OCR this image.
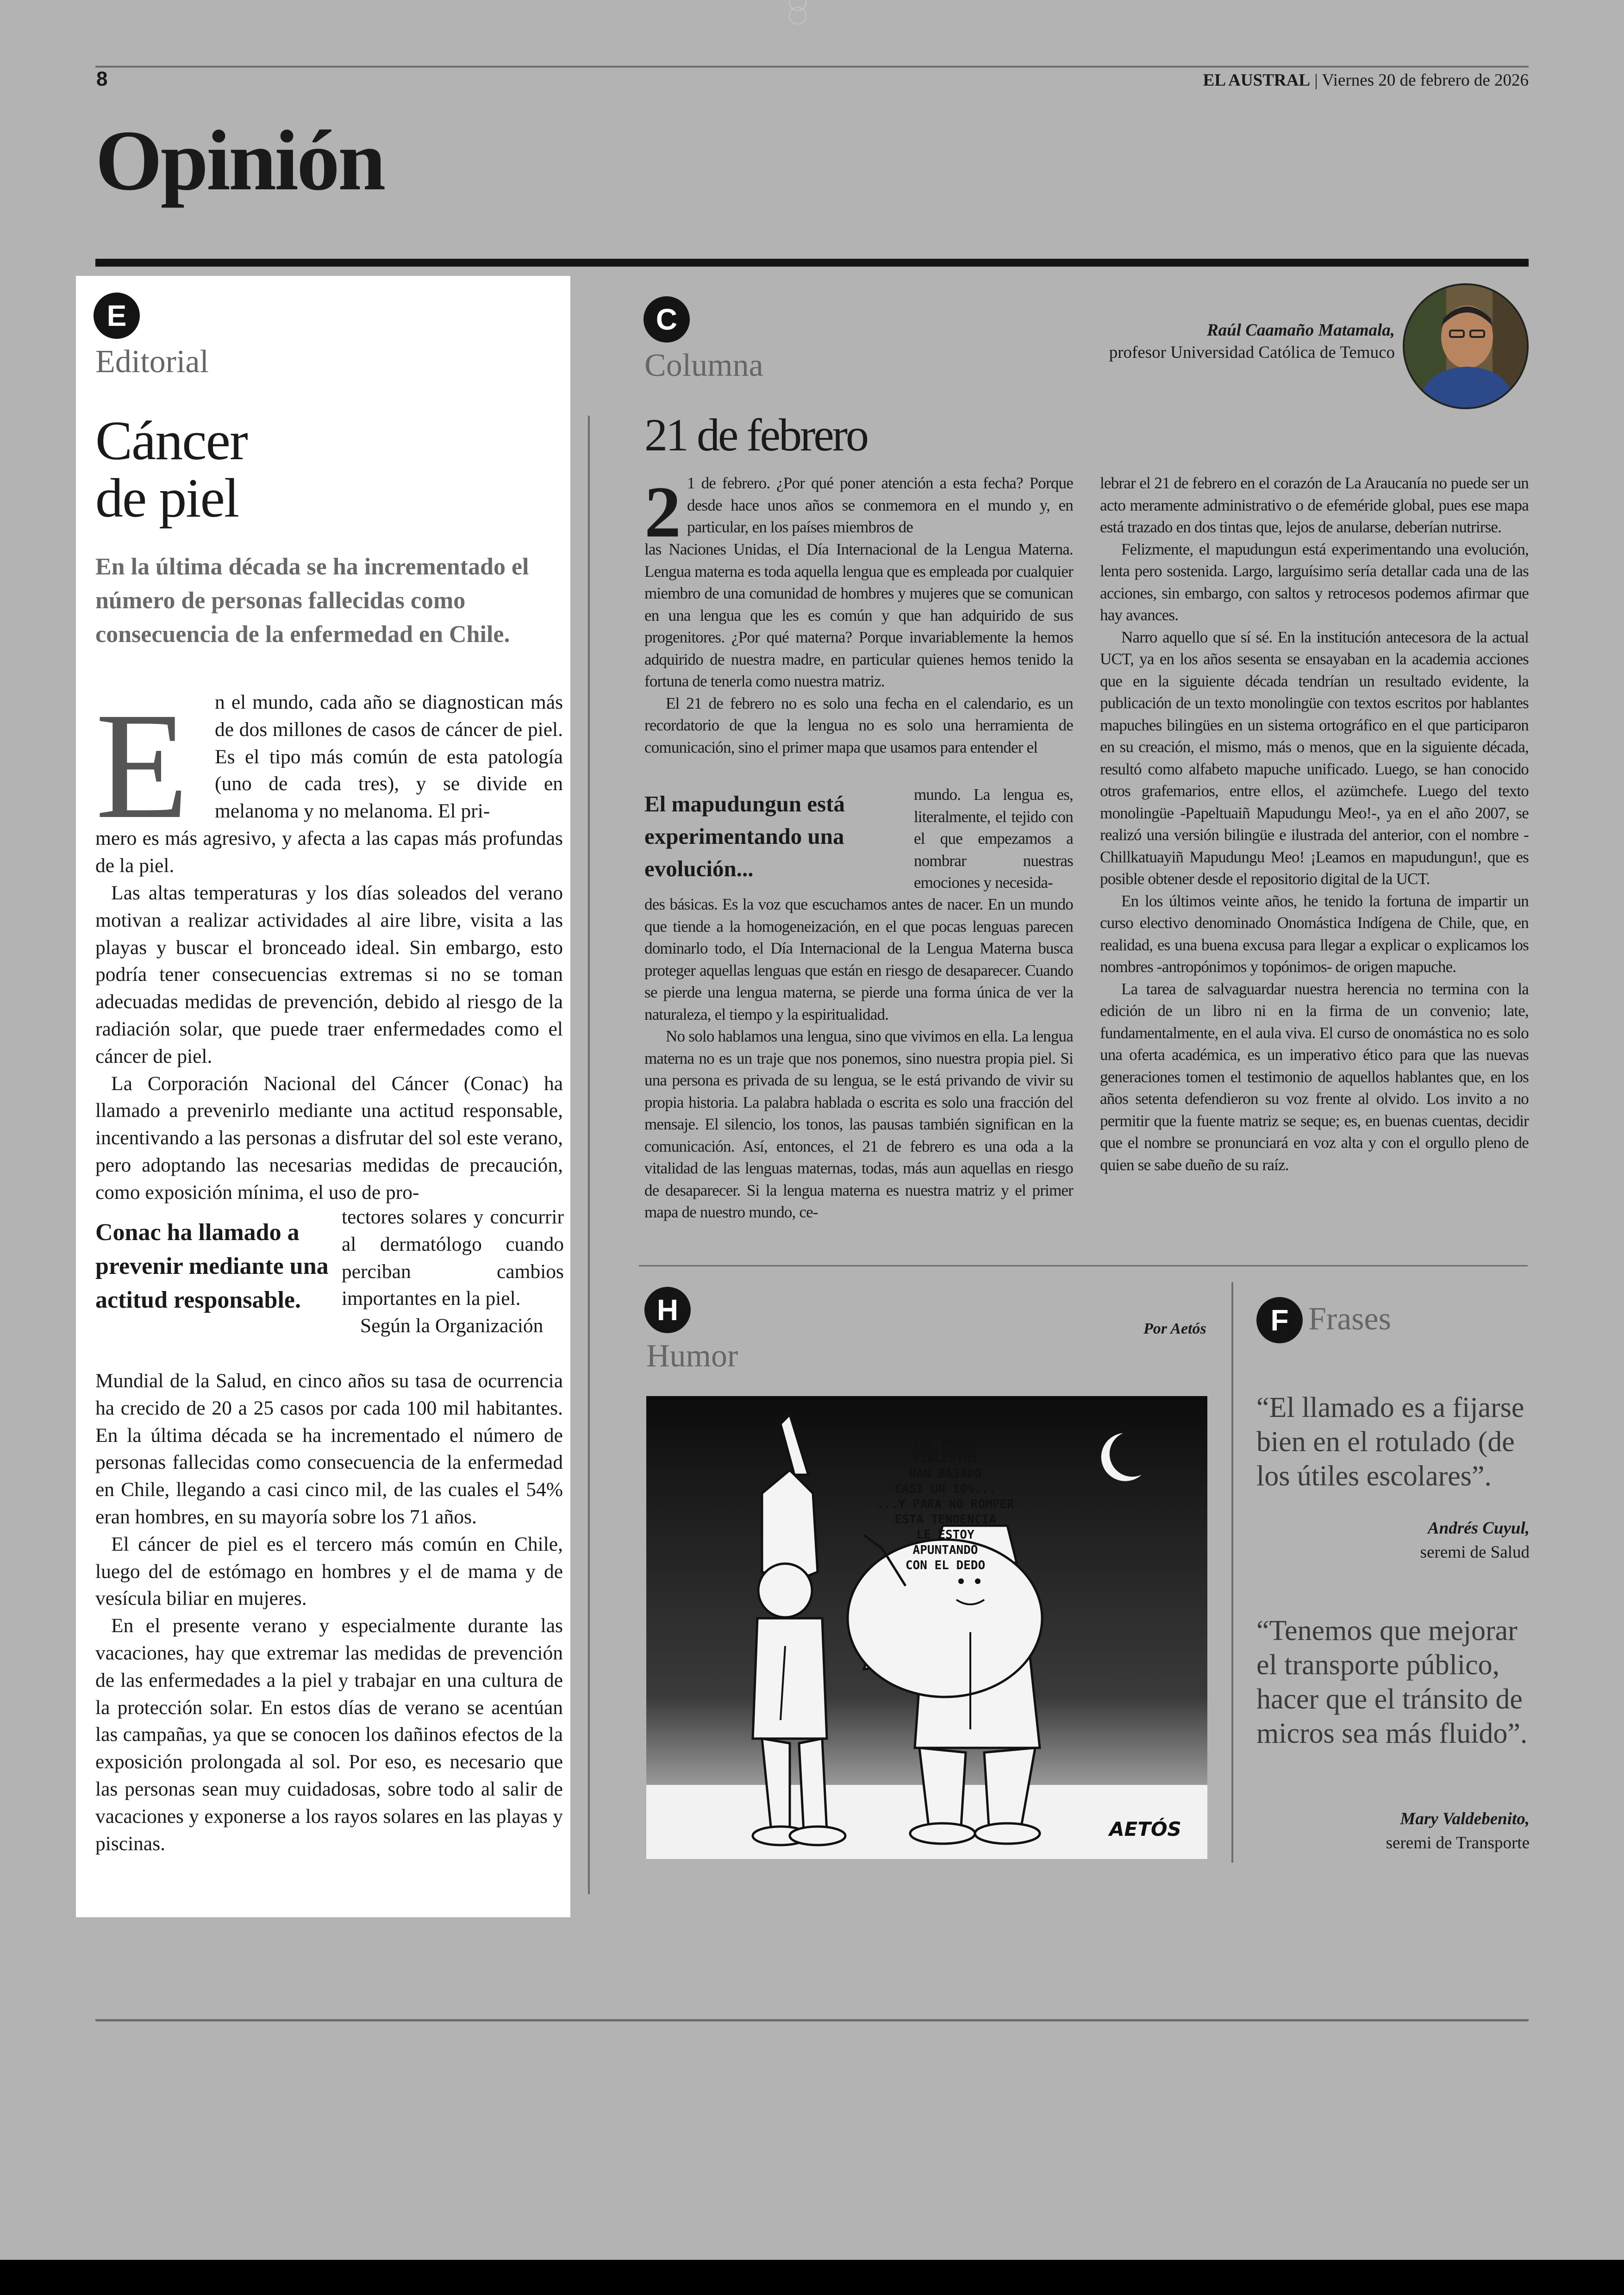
8	EL AUSTRAL | Viernes 20 de febrero de 2026
Opinión
E
Editorial
Cáncer
de piel
En la última década se ha incrementado el número de personas fallecidas como consecuencia de la enfermedad en Chile.
E n el mundo, cada año se diagnostican más de dos millones de casos de cáncer de piel. Es el tipo más común de esta patología (uno de cada tres), y se divide en melanoma y no melanoma. El pri-

mero es más agresivo, y afecta a las capas más profundas de la piel.

Las altas temperaturas y los días soleados del verano motivan a realizar actividades al aire libre, visita a las playas y buscar el bronceado ideal. Sin embargo, esto podría tener consecuencias extremas si no se toman adecuadas medidas de prevención, debido al riesgo de la radiación solar, que puede traer enfermedades como el cáncer de piel.

La Corporación Nacional del Cáncer (Conac) ha llamado a prevenirlo mediante una actitud responsable, incentivando a las personas a disfrutar del sol este verano, pero adoptando las necesarias medidas de precaución, como exposición mínima, el uso de pro-

Conac ha llamado a prevenir mediante una actitud responsable.

tectores solares y concurrir al dermatólogo cuando perciban cambios importantes en la piel.

Según la Organización

Mundial de la Salud, en cinco años su tasa de ocurrencia ha crecido de 20 a 25 casos por cada 100 mil habitantes. En la última década se ha incrementado el número de personas fallecidas como consecuencia de la enfermedad en Chile, llegando a casi cinco mil, de las cuales el 54% eran hombres, en su mayoría sobre los 71 años.

El cáncer de piel es el tercero más común en Chile, luego del de estómago en hombres y el de mama y de vesícula biliar en mujeres.

En el presente verano y especialmente durante las vacaciones, hay que extremar las medidas de prevención de las enfermedades a la piel y trabajar en una cultura de la protección solar. En estos días de verano se acentúan las campañas, ya que se conocen los dañinos efectos de la exposición prolongada al sol. Por eso, es necesario que las personas sean muy cuidadosas, sobre todo al salir de vacaciones y exponerse a los rayos solares en las playas y piscinas.

C
Columna
Raúl Caamaño Matamala,
profesor Universidad Católica de Temuco
21 de febrero
2 1 de febrero. ¿Por qué poner atención a esta fecha? Porque desde hace unos años se conmemora en el mundo y, en particular, en los países miembros de

las Naciones Unidas, el Día Internacional de la Lengua Materna. Lengua materna es toda aquella lengua que es empleada por cualquier miembro de una comunidad de hombres y mujeres que se comunican en una lengua que les es común y que han adquirido de sus progenitores. ¿Por qué materna? Porque invariablemente la hemos adquirido de nuestra madre, en particular quienes hemos tenido la fortuna de tenerla como nuestra matriz.

El 21 de febrero no es solo una fecha en el calendario, es un recordatorio de que la lengua no es solo una herramienta de comunicación, sino el primer mapa que usamos para entender el

El mapudungun está experimentando una evolución...

mundo. La lengua es, literalmente, el tejido con el que empezamos a nombrar nuestras emociones y necesida-

des básicas. Es la voz que escuchamos antes de nacer. En un mundo que tiende a la homogeneización, en el que pocas lenguas parecen dominarlo todo, el Día Internacional de la Lengua Materna busca proteger aquellas lenguas que están en riesgo de desaparecer. Cuando se pierde una lengua materna, se pierde una forma única de ver la naturaleza, el tiempo y la espiritualidad.

No solo hablamos una lengua, sino que vivimos en ella. La lengua materna no es un traje que nos ponemos, sino nuestra propia piel. Si una persona es privada de su lengua, se le está privando de vivir su propia historia. La palabra hablada o escrita es solo una fracción del mensaje. El silencio, los tonos, las pausas también significan en la comunicación. Así, entonces, el 21 de febrero es una oda a la vitalidad de las lenguas maternas, todas, más aun aquellas en riesgo de desaparecer. Si la lengua materna es nuestra matriz y el primer mapa de nuestro mundo, ce-

lebrar el 21 de febrero en el corazón de La Araucanía no puede ser un acto meramente administrativo o de efeméride global, pues ese mapa está trazado en dos tintas que, lejos de anularse, deberían nutrirse.

Felizmente, el mapudungun está experimentando una evolución, lenta pero sostenida. Largo, larguísimo sería detallar cada una de las acciones, sin embargo, con saltos y retrocesos podemos afirmar que hay avances.

Narro aquello que sí sé. En la institución antecesora de la actual UCT, ya en los años sesenta se ensayaban en la academia acciones que en la siguiente década tendrían un resultado evidente, la publicación de un texto monolingüe con textos escritos por hablantes mapuches bilingües en un sistema ortográfico en el que participaron en su creación, el mismo, más o menos, que en la siguiente década, resultó como alfabeto mapuche unificado. Luego, se han conocido otros grafemarios, entre ellos, el azümchefe. Luego del texto monolingüe -Papeltuaiñ Mapudungu Meo!-, ya en el año 2007, se realizó una versión bilingüe e ilustrada del anterior, con el nombre -Chillkatuayiñ Mapudungu Meo! ¡Leamos en mapudungun!, que es posible obtener desde el repositorio digital de la UCT.

En los últimos veinte años, he tenido la fortuna de impartir un curso electivo denominado Onomástica Indígena de Chile, que, en realidad, es una buena excusa para llegar a explicar o explicamos los nombres -antropónimos y topónimos- de origen mapuche.

La tarea de salvaguardar nuestra herencia no termina con la edición de un libro ni en la firma de un convenio; late, fundamentalmente, en el aula viva. El curso de onomástica no es solo una oferta académica, es un imperativo ético para que las nuevas generaciones tomen el testimonio de aquellos hablantes que, en los años setenta defendieron su voz frente al olvido. Los invito a no permitir que la fuente matriz se seque; es, en buenas cuentas, decidir que el nombre se pronunciará en voz alta y con el orgullo pleno de quien se sabe dueño de su raíz.

H
Humor
Por Aetós
AETÓS
LOS ROBOS
VIOLENTOS
HAN BAJADO
CASI UN 10%...
...Y PARA NO ROMPER
ESTA TENDENCIA
LE ESTOY
APUNTANDO
CON EL DEDO
F Frases
“El llamado es a fijarse bien en el rotulado (de los útiles escolares”.
Andrés Cuyul,
seremi de Salud
“Tenemos que mejorar el transporte público, hacer que el tránsito de micros sea más fluido”.
Mary Valdebenito,
seremi de Transporte
